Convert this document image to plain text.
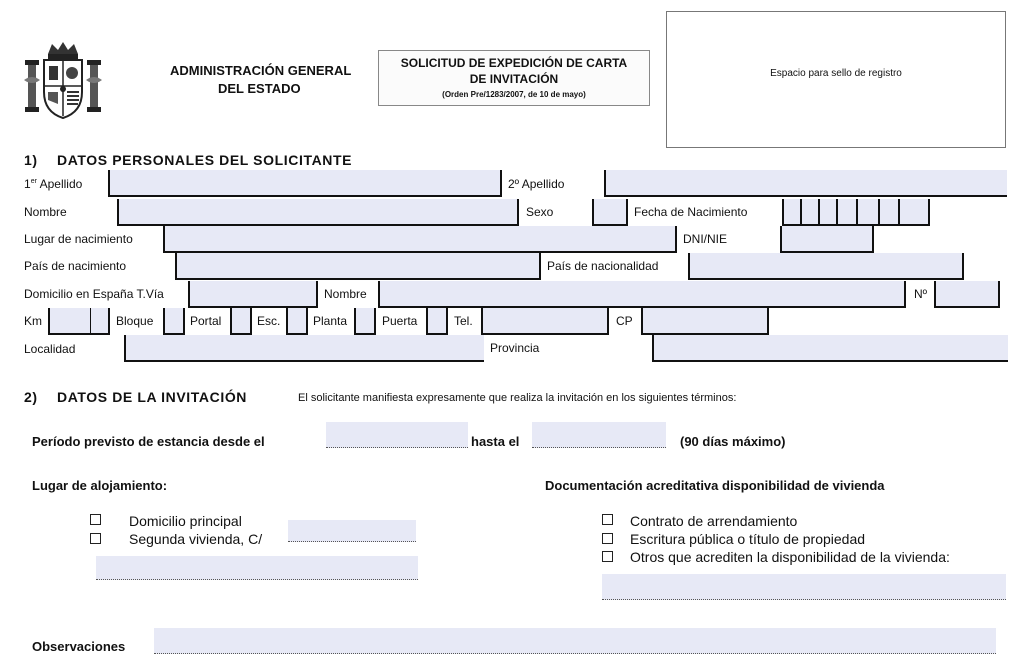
ADMINISTRACIÓN GENERAL
DEL ESTADO
SOLICITUD DE EXPEDICIÓN DE CARTA
DE INVITACIÓN
(Orden Pre/1283/2007, de 10 de mayo)
Espacio para sello de registro
1) DATOS PERSONALES DEL SOLICITANTE
1er Apellido	2º Apellido
Nombre	Sexo	Fecha de Nacimiento
Lugar de nacimiento	DNI/NIE
País de nacimiento	País de nacionalidad
Domicilio en España T.Vía	Nombre	Nº
Km	Bloque	Portal	Esc.	Planta	Puerta	Tel.	CP
Localidad	Provincia
2) DATOS DE LA INVITACIÓN	El solicitante manifiesta expresamente que realiza la invitación en los siguientes términos:
Período previsto de estancia desde el	hasta el	(90 días máximo)
Lugar de alojamiento:
Domicilio principal
Segunda vivienda, C/
Documentación acreditativa disponibilidad de vivienda
Contrato de arrendamiento
Escritura pública o título de propiedad
Otros que acrediten la disponibilidad de la vivienda:
Observaciones
